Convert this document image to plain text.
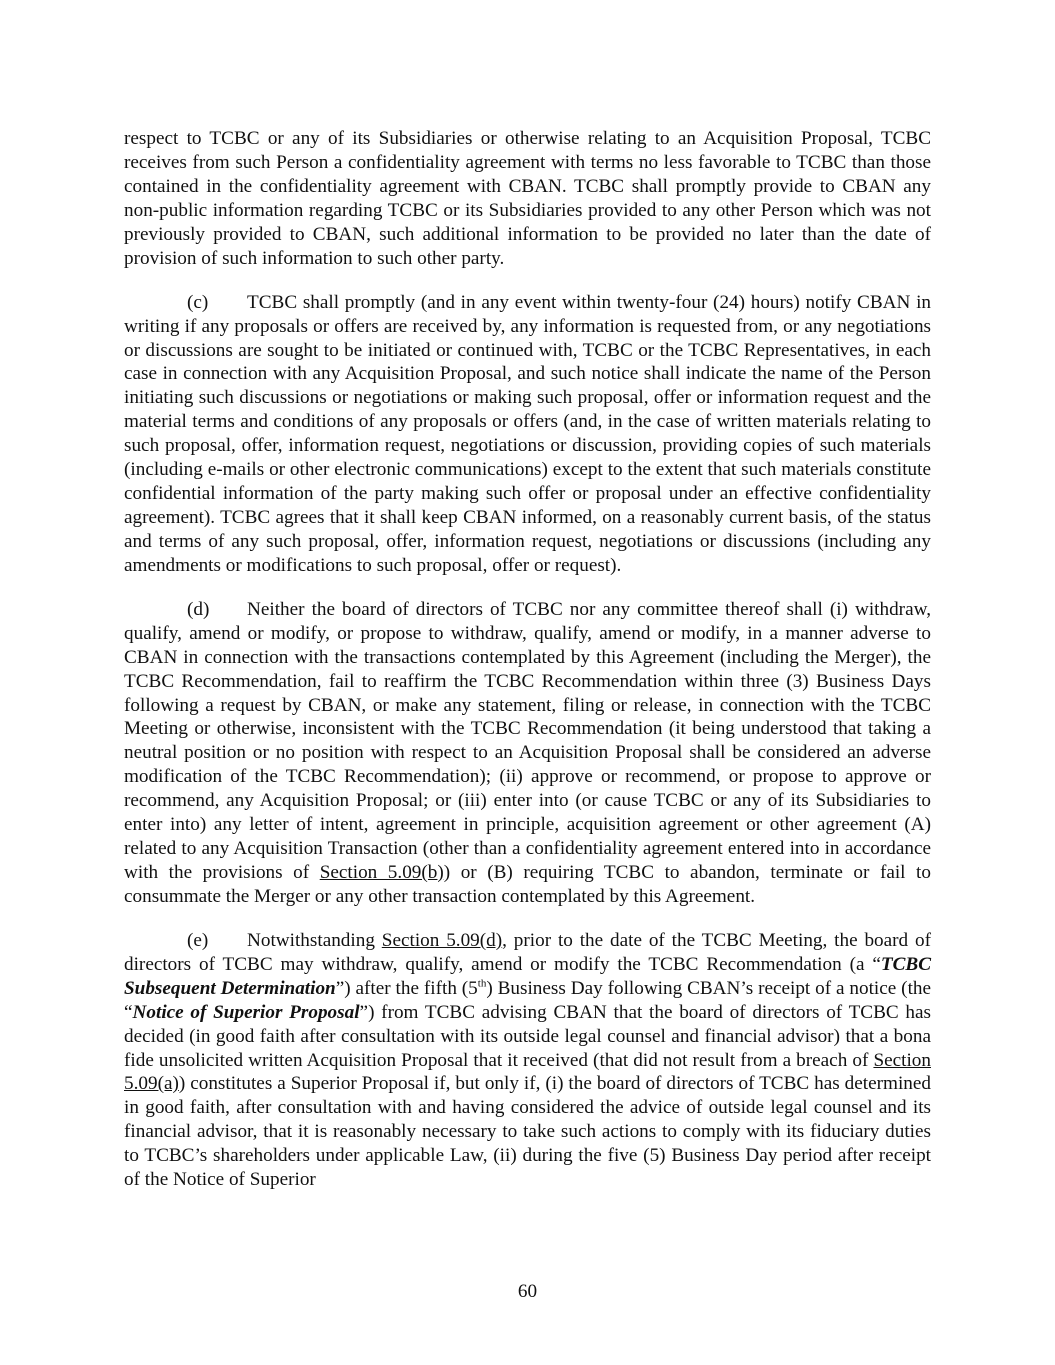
respect to TCBC or any of its Subsidiaries or otherwise relating to an Acquisition Proposal, TCBC receives from such Person a confidentiality agreement with terms no less favorable to TCBC than those contained in the confidentiality agreement with CBAN. TCBC shall promptly provide to CBAN any non-public information regarding TCBC or its Subsidiaries provided to any other Person which was not previously provided to CBAN, such additional information to be provided no later than the date of provision of such information to such other party.

(c) TCBC shall promptly (and in any event within twenty-four (24) hours) notify CBAN in writing if any proposals or offers are received by, any information is requested from, or any negotiations or discussions are sought to be initiated or continued with, TCBC or the TCBC Representatives, in each case in connection with any Acquisition Proposal, and such notice shall indicate the name of the Person initiating such discussions or negotiations or making such proposal, offer or information request and the material terms and conditions of any proposals or offers (and, in the case of written materials relating to such proposal, offer, information request, negotiations or discussion, providing copies of such materials (including e-mails or other electronic communications) except to the extent that such materials constitute confidential information of the party making such offer or proposal under an effective confidentiality agreement). TCBC agrees that it shall keep CBAN informed, on a reasonably current basis, of the status and terms of any such proposal, offer, information request, negotiations or discussions (including any amendments or modifications to such proposal, offer or request).

(d) Neither the board of directors of TCBC nor any committee thereof shall (i) withdraw, qualify, amend or modify, or propose to withdraw, qualify, amend or modify, in a manner adverse to CBAN in connection with the transactions contemplated by this Agreement (including the Merger), the TCBC Recommendation, fail to reaffirm the TCBC Recommendation within three (3) Business Days following a request by CBAN, or make any statement, filing or release, in connection with the TCBC Meeting or otherwise, inconsistent with the TCBC Recommendation (it being understood that taking a neutral position or no position with respect to an Acquisition Proposal shall be considered an adverse modification of the TCBC Recommendation); (ii) approve or recommend, or propose to approve or recommend, any Acquisition Proposal; or (iii) enter into (or cause TCBC or any of its Subsidiaries to enter into) any letter of intent, agreement in principle, acquisition agreement or other agreement (A) related to any Acquisition Transaction (other than a confidentiality agreement entered into in accordance with the provisions of Section 5.09(b)) or (B) requiring TCBC to abandon, terminate or fail to consummate the Merger or any other transaction contemplated by this Agreement.

(e) Notwithstanding Section 5.09(d), prior to the date of the TCBC Meeting, the board of directors of TCBC may withdraw, qualify, amend or modify the TCBC Recommendation (a “TCBC Subsequent Determination”) after the fifth (5th) Business Day following CBAN’s receipt of a notice (the “Notice of Superior Proposal”) from TCBC advising CBAN that the board of directors of TCBC has decided (in good faith after consultation with its outside legal counsel and financial advisor) that a bona fide unsolicited written Acquisition Proposal that it received (that did not result from a breach of Section 5.09(a)) constitutes a Superior Proposal if, but only if, (i) the board of directors of TCBC has determined in good faith, after consultation with and having considered the advice of outside legal counsel and its financial advisor, that it is reasonably necessary to take such actions to comply with its fiduciary duties to TCBC’s shareholders under applicable Law, (ii) during the five (5) Business Day period after receipt of the Notice of Superior

60
